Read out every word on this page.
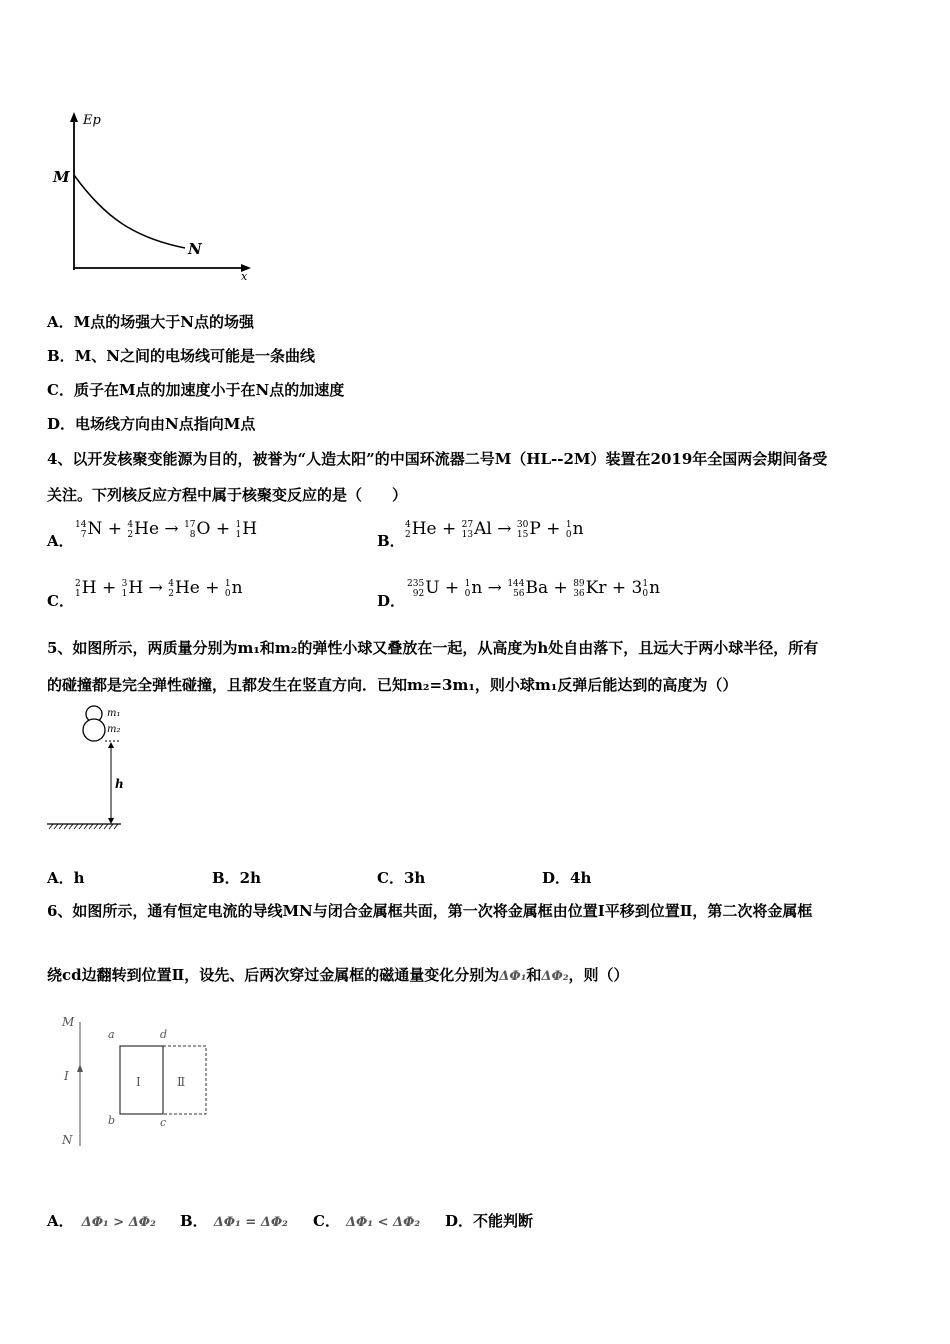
Ep
x
M
N
A．M点的场强大于N点的场强
B．M、N之间的电场线可能是一条曲线
C．质子在M点的加速度小于在N点的加速度
D．电场线方向由N点指向M点
4、以开发核聚变能源为目的，被誉为“人造太阳”的中国环流器二号M（HL--2M）装置在2019年全国两会期间备受
关注。下列核反应方程中属于核聚变反应的是（　　）
A．
14
7 N + 4
2 He → 17
8 O + 1
1 H
B．
4
2 He + 27
13 Al → 30
15 P + 1
0 n
C．
2
1 H + 3
1 H → 4
2 He + 1
0 n
D．
235
92 U + 1
0 n → 144
56 Ba + 89
36 Kr + 3 1
0 n
5、如图所示，两质量分别为m₁和m₂的弹性小球又叠放在一起，从高度为h处自由落下，且远大于两小球半径，所有
的碰撞都是完全弹性碰撞，且都发生在竖直方向．已知m₂=3m₁，则小球m₁反弹后能达到的高度为（）
m₁
m₂
h
A．h	B．2h	C．3h	D．4h
6、如图所示，通有恒定电流的导线MN与闭合金属框共面，第一次将金属框由位置Ⅰ平移到位置Ⅱ，第二次将金属框
绕cd边翻转到位置Ⅱ，设先、后两次穿过金属框的磁通量变化分别为ΔΦ₁和ΔΦ₂，则（）
M
I
N
a	d
b	c
Ⅰ	Ⅱ
A． ΔΦ₁ > ΔΦ₂ B． ΔΦ₁ = ΔΦ₂ C． ΔΦ₁ < ΔΦ₂ D．不能判断
